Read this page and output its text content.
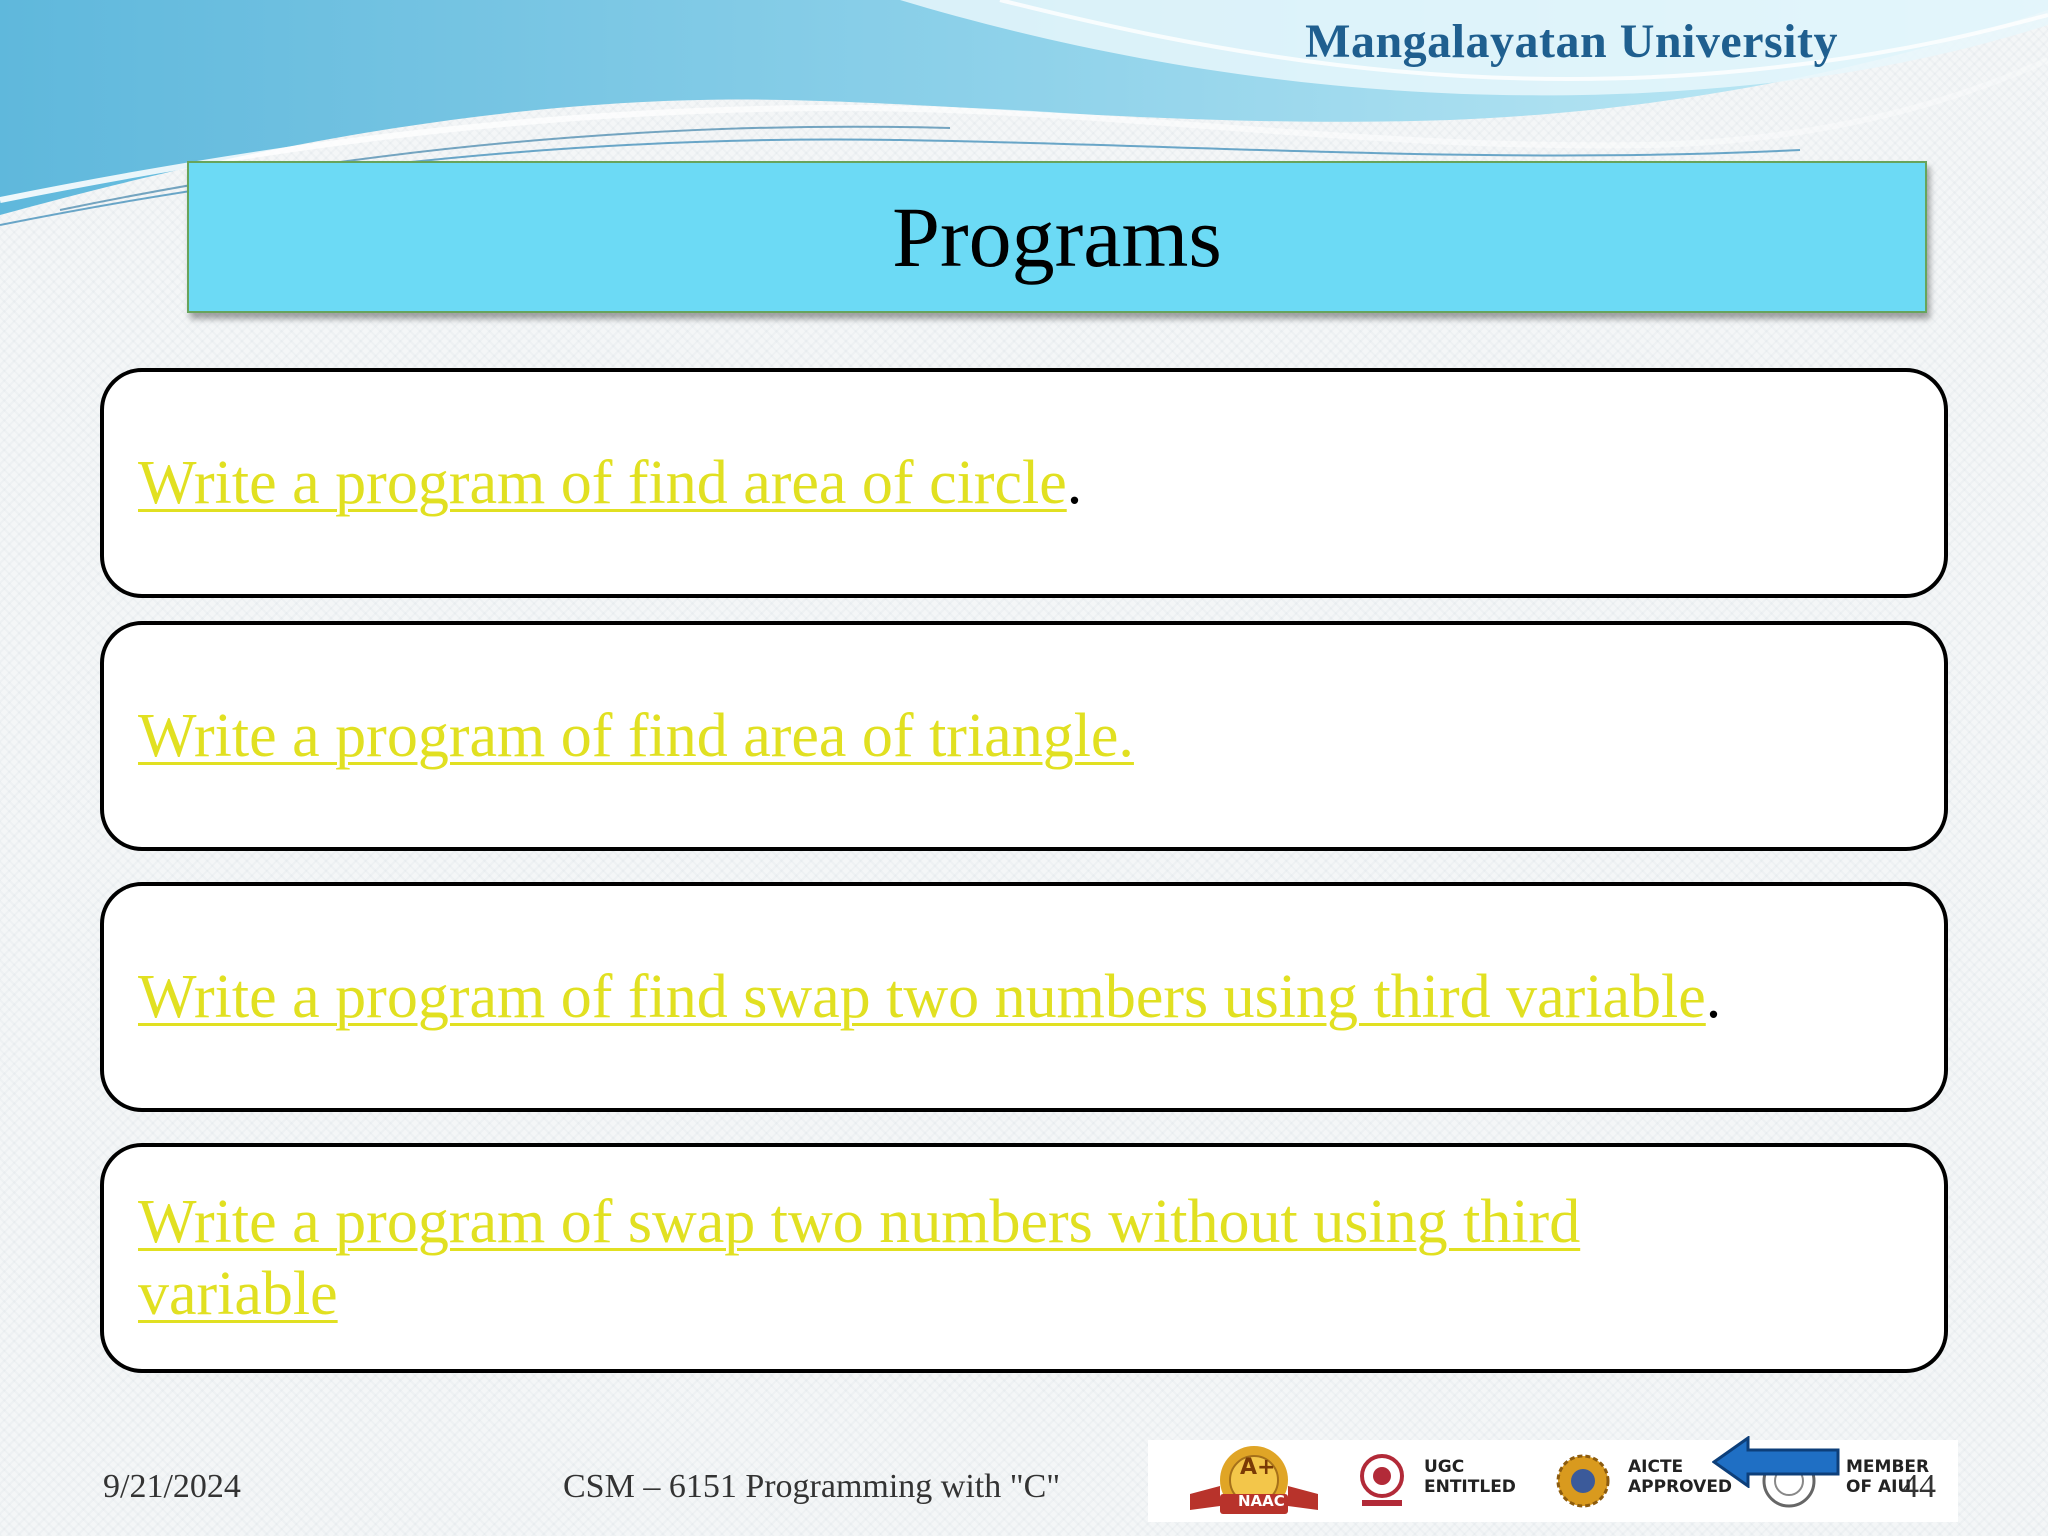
Mangalayatan University
Programs
Write a program of find area of circle.
Write a program of find area of triangle.
Write a program of find swap two numbers using third variable.
Write a program of swap two numbers without using third variable
9/21/2024	CSM – 6151 Programming with "C"
A+
NAAC
UGC
ENTITLED
AICTE
APPROVED
MEMBER
OF AIU
44
